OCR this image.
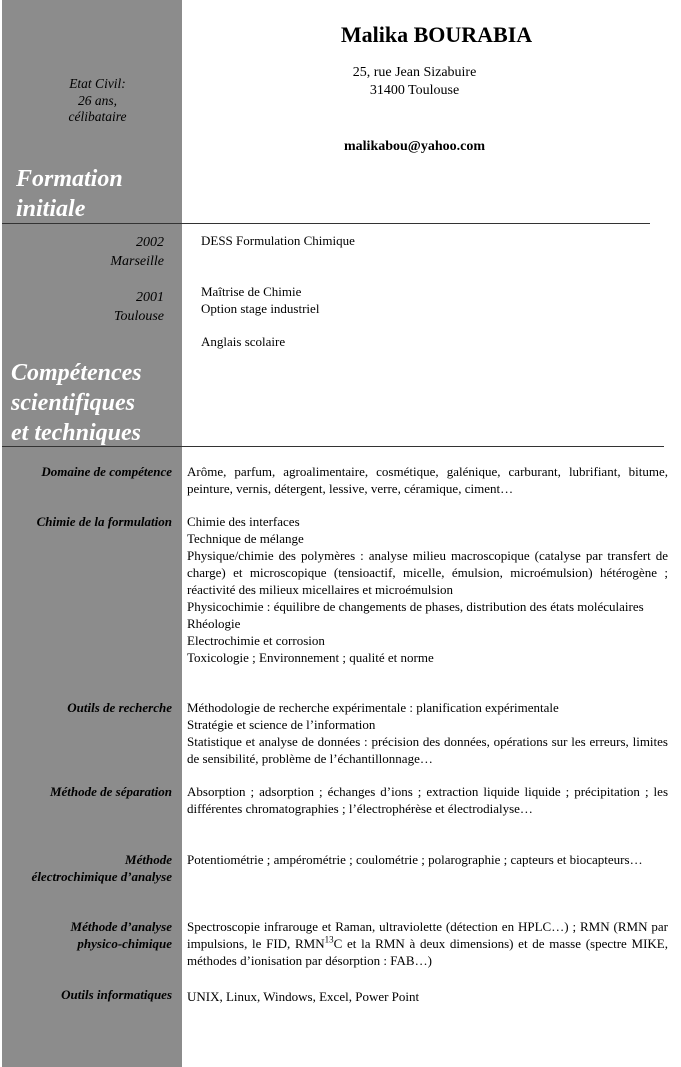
Malika BOURABIA
25, rue Jean Sizabuire
31400 Toulouse
malikabou@yahoo.com
Etat Civil:
26 ans,
célibataire
Formation
initiale
2002
Marseille
DESS Formulation Chimique
2001
Toulouse
Maîtrise de Chimie
Option stage industriel
Anglais scolaire
Compétences
scientifiques
et techniques
Domaine de compétence Arôme, parfum, agroalimentaire, cosmétique, galénique, carburant, lubrifiant, bitume, peinture, vernis, détergent, lessive, verre, céramique, ciment…

Chimie de la formulation Chimie des interfaces

Technique de mélange

Physique/chimie des polymères : analyse milieu macroscopique (catalyse par transfert de charge) et microscopique (tensioactif, micelle, émulsion, microémulsion) hétérogène ; réactivité des milieux micellaires et microémulsion

Physicochimie : équilibre de changements de phases, distribution des états moléculaires

Rhéologie

Electrochimie et corrosion

Toxicologie ; Environnement ; qualité et norme

Outils de recherche Méthodologie de recherche expérimentale : planification expérimentale

Stratégie et science de l’information

Statistique et analyse de données : précision des données, opérations sur les erreurs, limites de sensibilité, problème de l’échantillonnage…

Méthode de séparation Absorption ; adsorption ; échanges d’ions ; extraction liquide liquide ; précipitation ; les différentes chromatographies ; l’électrophérèse et électrodialyse…

Méthode
électrochimique d’analyse

Potentiométrie ; ampérométrie ; coulométrie ; polarographie ; capteurs et biocapteurs…

Méthode d’analyse
physico-chimique

Spectroscopie infrarouge et Raman, ultraviolette (détection en HPLC…) ; RMN (RMN par impulsions, le FID, RMN$^{13}$C et la RMN à deux dimensions) et de masse (spectre MIKE, méthodes d’ionisation par désorption : FAB…)

Outils informatiques UNIX, Linux, Windows, Excel, Power Point
